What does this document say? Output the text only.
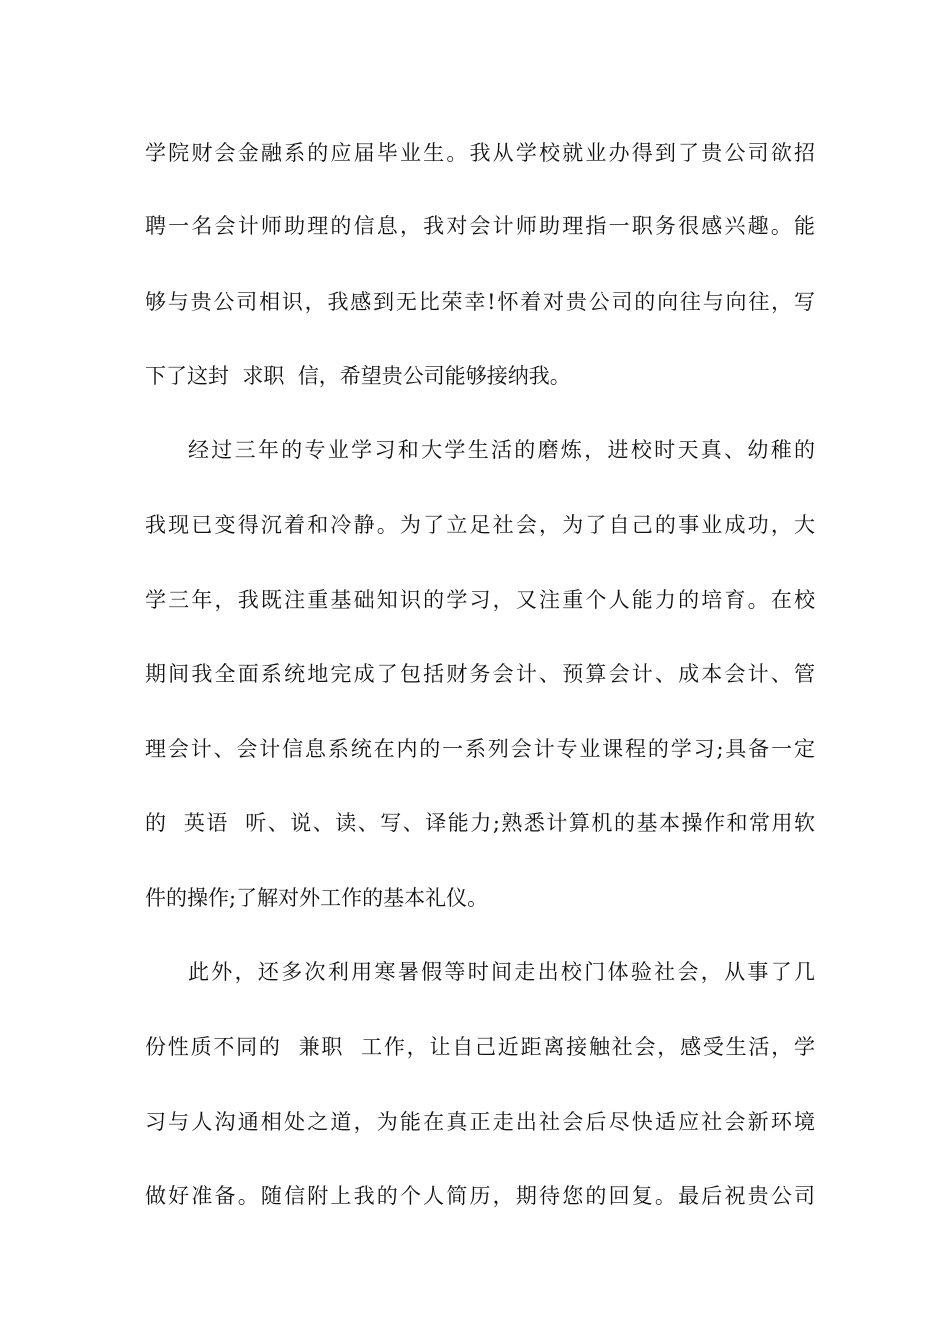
学院财会金融系的应届毕业生。我从学校就业办得到了贵公司欲招
聘一名会计师助理的信息，我对会计师助理指一职务很感兴趣。能
够与贵公司相识，我感到无比荣幸!怀着对贵公司的向往与向往，写
下了这封  求职  信，希望贵公司能够接纳我。
经过三年的专业学习和大学生活的磨炼，进校时天真、幼稚的
我现已变得沉着和冷静。为了立足社会，为了自己的事业成功，大
学三年，我既注重基础知识的学习，又注重个人能力的培育。在校
期间我全面系统地完成了包括财务会计、预算会计、成本会计、管
理会计、会计信息系统在内的一系列会计专业课程的学习;具备一定
的  英语  听、说、读、写、译能力;熟悉计算机的基本操作和常用软
件的操作;了解对外工作的基本礼仪。
此外，还多次利用寒暑假等时间走出校门体验社会，从事了几
份性质不同的  兼职  工作，让自己近距离接触社会，感受生活，学
习与人沟通相处之道，为能在真正走出社会后尽快适应社会新环境
做好准备。随信附上我的个人简历，期待您的回复。最后祝贵公司
